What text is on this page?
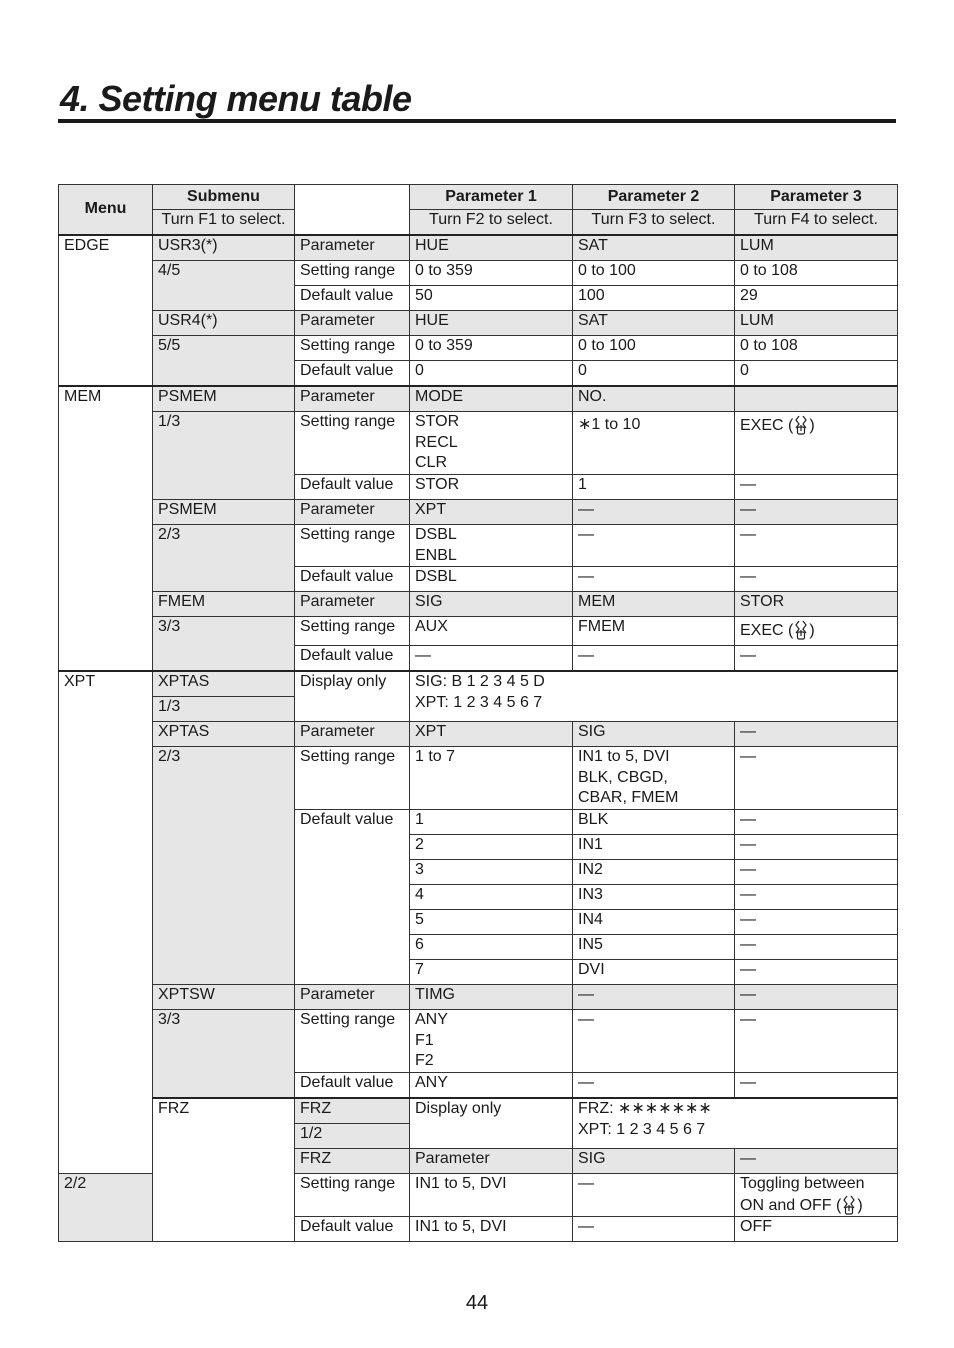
4. Setting menu table
Menu	Submenu		Parameter 1	Parameter 2	Parameter 3	
	Turn F1 to select.		Turn F2 to select.	Turn F3 to select.	Turn F4 to select.	
EDGE	USR3(*)	Parameter	HUE	SAT	LUM	
	4/5	Setting range	0 to 359	0 to 100	0 to 108	
		Default value	50	100	29	
	USR4(*)	Parameter	HUE	SAT	LUM	
	5/5	Setting range	0 to 359	0 to 100	0 to 108	
		Default value	0	0	0	
MEM	PSMEM	Parameter	MODE	NO.		
	1/3	Setting range	STOR
RECL
CLR	∗1 to 10	EXEC ( )	
		Default value	STOR	1	—	
	PSMEM	Parameter	XPT	—	—	
	2/3	Setting range	DSBL
ENBL	—	—	
		Default value	DSBL	—	—	
	FMEM	Parameter	SIG	MEM	STOR	
	3/3	Setting range	AUX	FMEM	EXEC ( )	
		Default value	—	—	—	
XPT	XPTAS	Display only	SIG: B 1 2 3 4 5 D
XPT: 1 2 3 4 5 6 7			
	1/3					
	XPTAS	Parameter	XPT	SIG	—	
	2/3	Setting range	1 to 7	IN1 to 5, DVI
BLK, CBGD,
CBAR, FMEM	—	
		Default value	1	BLK	—	
			2	IN1	—	
			3	IN2	—	
			4	IN3	—	
			5	IN4	—	
			6	IN5	—	
			7	DVI	—	
	XPTSW	Parameter	TIMG	—	—	
	3/3	Setting range	ANY
F1
F2	—	—	
		Default value	ANY	—	—	
	FRZ	FRZ	Display only	FRZ: ∗∗∗∗∗∗∗
XPT: 1 2 3 4 5 6 7		
		1/2				
		FRZ	Parameter	SIG	—	
2/2		Setting range	IN1 to 5, DVI	—	Toggling between
ON and OFF ( )	
		Default value	IN1 to 5, DVI	—	OFF	
44
